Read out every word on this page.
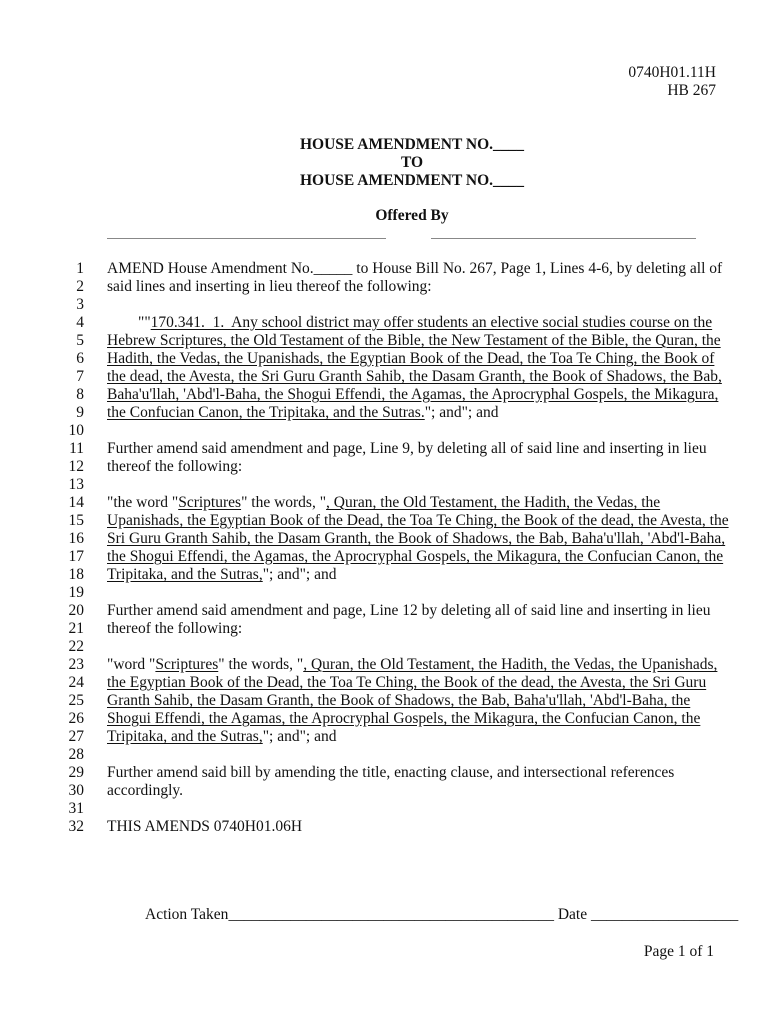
0740H01.11H
HB 267
HOUSE AMENDMENT NO.____
TO
HOUSE AMENDMENT NO.____
Offered By
1 AMEND House Amendment No._____ to House Bill No. 267, Page 1, Lines 4-6, by deleting all of
2 said lines and inserting in lieu thereof the following:
3
4 ""170.341.  1.  Any school district may offer students an elective social studies course on the
5 Hebrew Scriptures, the Old Testament of the Bible, the New Testament of the Bible, the Quran, the
6 Hadith, the Vedas, the Upanishads, the Egyptian Book of the Dead, the Toa Te Ching, the Book of
7 the dead, the Avesta, the Sri Guru Granth Sahib, the Dasam Granth, the Book of Shadows, the Bab,
8 Baha'u'llah, 'Abd'l-Baha, the Shogui Effendi, the Agamas, the Aprocryphal Gospels, the Mikagura,
9 the Confucian Canon, the Tripitaka, and the Sutras."; and"; and
10
11 Further amend said amendment and page, Line 9, by deleting all of said line and inserting in lieu
12 thereof the following:
13
14 "the word "Scriptures" the words, ", Quran, the Old Testament, the Hadith, the Vedas, the
15 Upanishads, the Egyptian Book of the Dead, the Toa Te Ching, the Book of the dead, the Avesta, the
16 Sri Guru Granth Sahib, the Dasam Granth, the Book of Shadows, the Bab, Baha'u'llah, 'Abd'l-Baha,
17 the Shogui Effendi, the Agamas, the Aprocryphal Gospels, the Mikagura, the Confucian Canon, the
18 Tripitaka, and the Sutras,"; and"; and
19
20 Further amend said amendment and page, Line 12 by deleting all of said line and inserting in lieu
21 thereof the following:
22
23 "word "Scriptures" the words, ", Quran, the Old Testament, the Hadith, the Vedas, the Upanishads,
24 the Egyptian Book of the Dead, the Toa Te Ching, the Book of the dead, the Avesta, the Sri Guru
25 Granth Sahib, the Dasam Granth, the Book of Shadows, the Bab, Baha'u'llah, 'Abd'l-Baha, the
26 Shogui Effendi, the Agamas, the Aprocryphal Gospels, the Mikagura, the Confucian Canon, the
27 Tripitaka, and the Sutras,"; and"; and
28
29 Further amend said bill by amending the title, enacting clause, and intersectional references
30 accordingly.
31
32 THIS AMENDS 0740H01.06H
Action Taken__________________________________________ Date ___________________
Page 1 of 1
